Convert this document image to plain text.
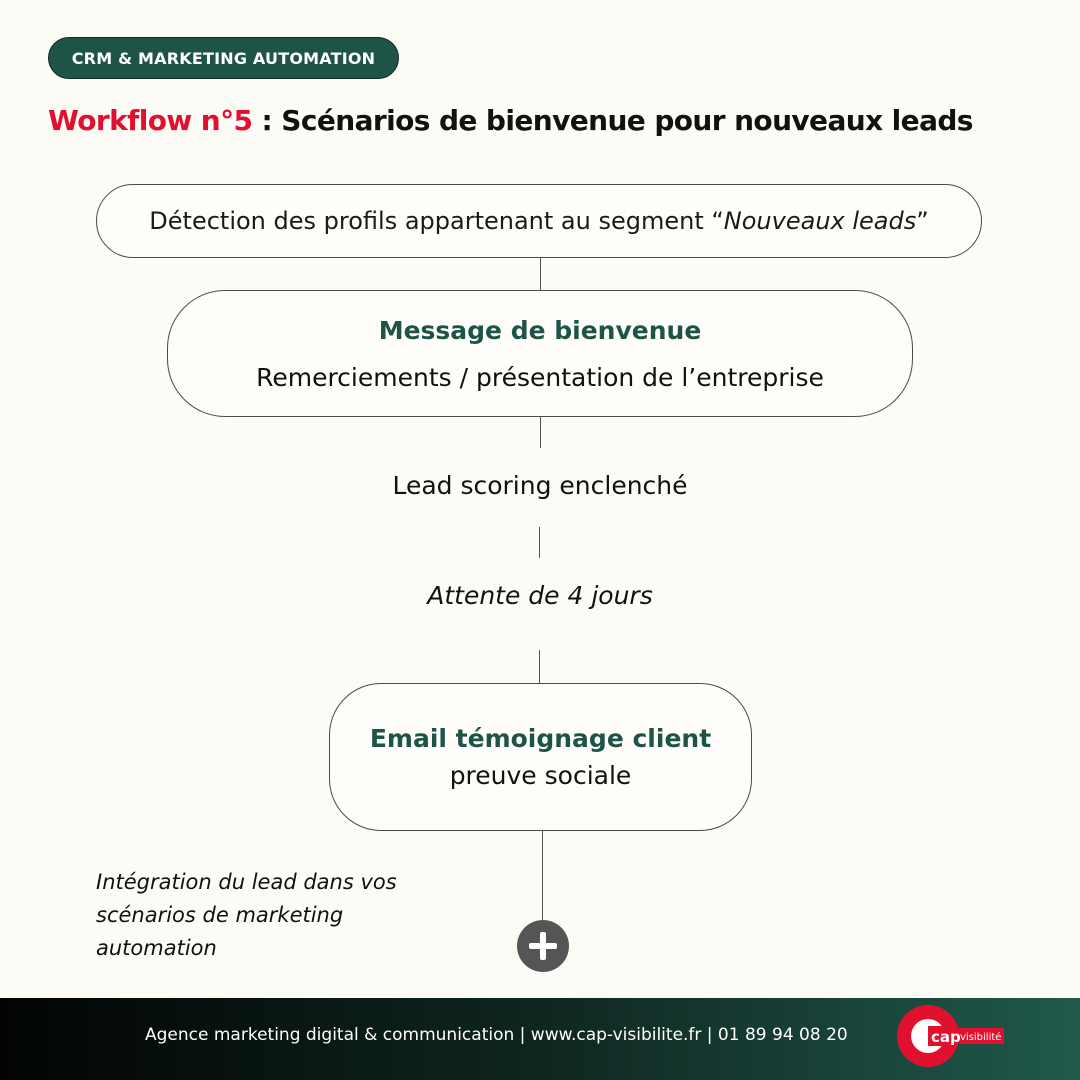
CRM & MARKETING AUTOMATION
Workflow n°5 : Scénarios de bienvenue pour nouveaux leads
Détection des profils appartenant au segment “Nouveaux leads”
Message de bienvenue
Remerciements / présentation de l’entreprise
Lead scoring enclenché
Attente de 4 jours
Email témoignage client
preuve sociale
Intégration du lead dans vos scénarios de marketing automation
Agence marketing digital & communication | www.cap-visibilite.fr | 01 89 94 08 20	cap visibilité
